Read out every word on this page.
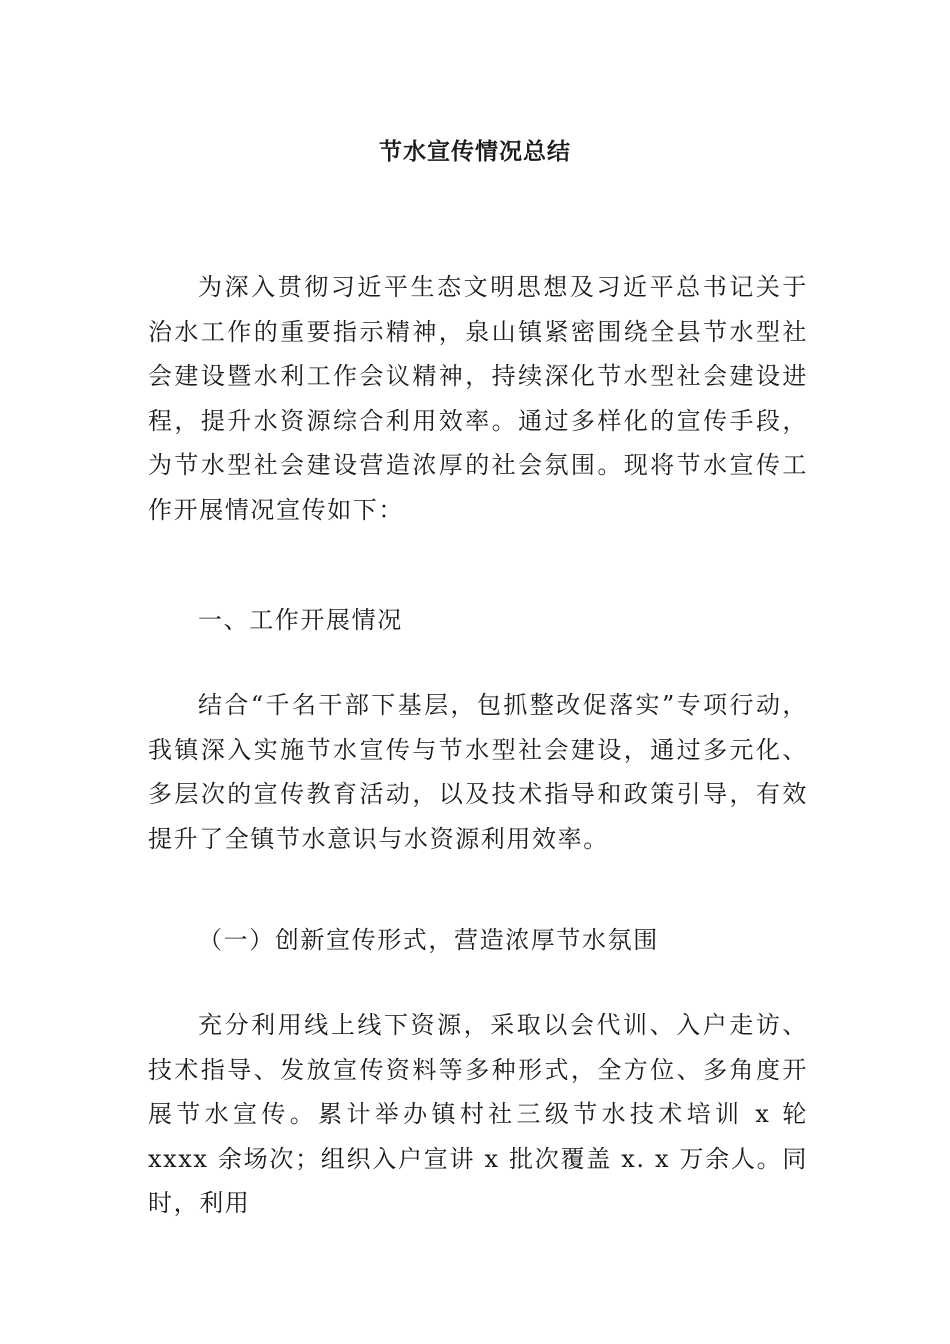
节水宣传情况总结

为深入贯彻习近平生态文明思想及习近平总书记关于治水工作的重要指示精神，泉山镇紧密围绕全县节水型社会建设暨水利工作会议精神，持续深化节水型社会建设进程，提升水资源综合利用效率。通过多样化的宣传手段，为节水型社会建设营造浓厚的社会氛围。现将节水宣传工作开展情况宣传如下：

一、工作开展情况

结合“千名干部下基层，包抓整改促落实”专项行动，我镇深入实施节水宣传与节水型社会建设，通过多元化、多层次的宣传教育活动，以及技术指导和政策引导，有效提升了全镇节水意识与水资源利用效率。

（一）创新宣传形式，营造浓厚节水氛围

充分利用线上线下资源，采取以会代训、入户走访、技术指导、发放宣传资料等多种形式，全方位、多角度开展节水宣传。累计举办镇村社三级节水技术培训 x 轮 xxxx 余场次；组织入户宣讲 x 批次覆盖 x. x 万余人。同时，利用
